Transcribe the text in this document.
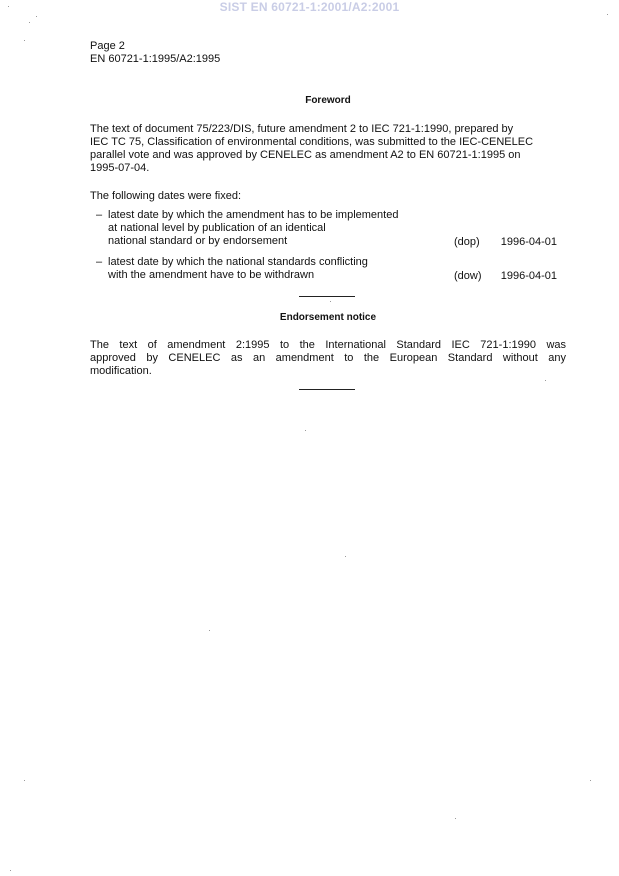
SIST EN 60721-1:2001/A2:2001
Page 2
EN 60721-1:1995/A2:1995
Foreword
The text of document 75/223/DIS, future amendment 2 to IEC 721-1:1990, prepared by
IEC TC 75, Classification of environmental conditions, was submitted to the IEC-CENELEC
parallel vote and was approved by CENELEC as amendment A2 to EN 60721-1:1995 on
1995-07-04.
The following dates were fixed:
– latest date by which the amendment has to be implemented
at national level by publication of an identical
national standard or by endorsement	(dop)	1996-04-01
– latest date by which the national standards conflicting
with the amendment have to be withdrawn	(dow)	1996-04-01
Endorsement notice
The text of amendment 2:1995 to the International Standard IEC 721-1:1990 was
approved by CENELEC as an amendment to the European Standard without any
modification.
